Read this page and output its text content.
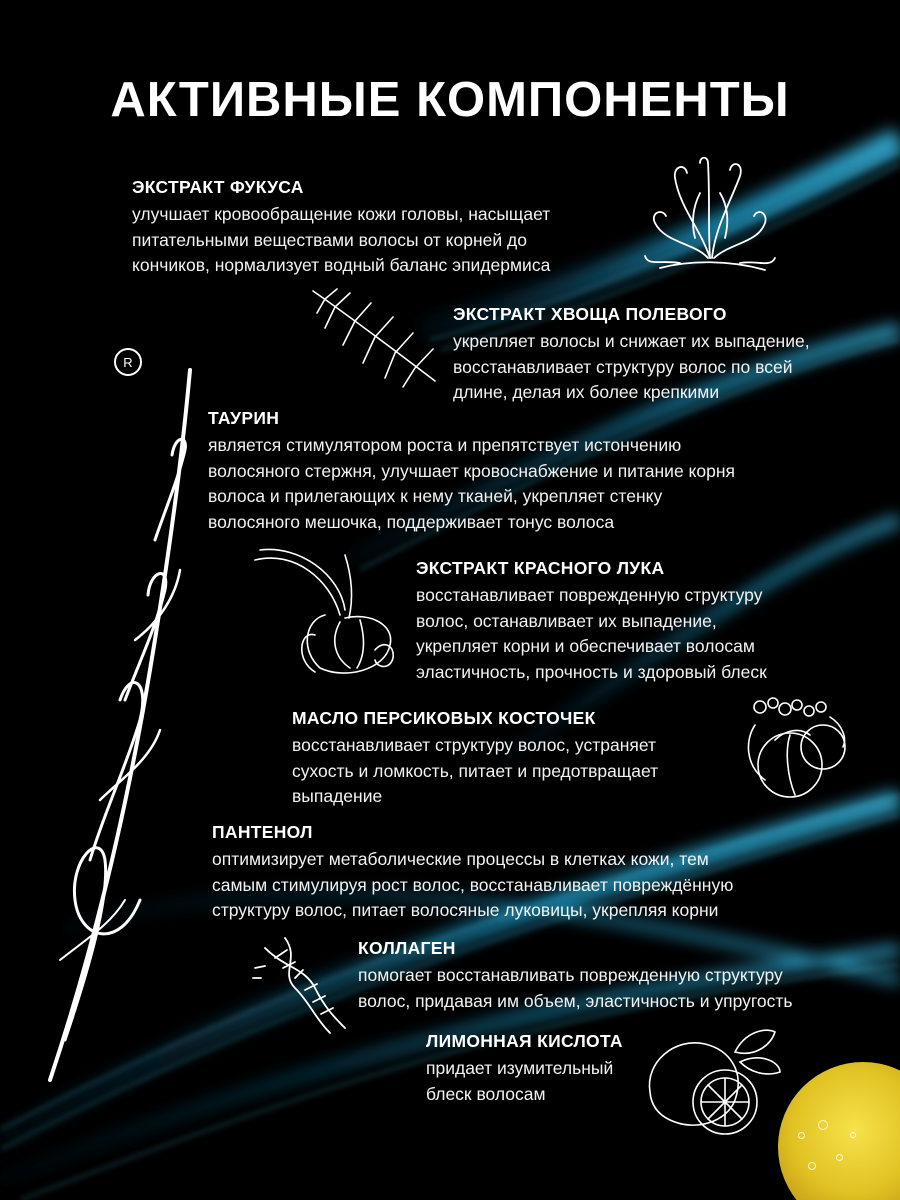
АКТИВНЫЕ КОМПОНЕНТЫ
R
ЭКСТРАКТ ФУКУСА
улучшает кровообращение кожи головы, насыщает
питательными веществами волосы от корней до
кончиков, нормализует водный баланс эпидермиса
ЭКСТРАКТ ХВОЩА ПОЛЕВОГО
укрепляет волосы и снижает их выпадение,
восстанавливает структуру волос по всей
длине, делая их более крепкими
ТАУРИН
является стимулятором роста и препятствует истончению
волосяного стержня, улучшает кровоснабжение и питание корня
волоса и прилегающих к нему тканей, укрепляет стенку
волосяного мешочка, поддерживает тонус волоса
ЭКСТРАКТ КРАСНОГО ЛУКА
восстанавливает поврежденную структуру
волос, останавливает их выпадение,
укрепляет корни и обеспечивает волосам
эластичность, прочность и здоровый блеск
МАСЛО ПЕРСИКОВЫХ КОСТОЧЕК
восстанавливает структуру волос, устраняет
сухость и ломкость, питает и предотвращает
выпадение
ПАНТЕНОЛ
оптимизирует метаболические процессы в клетках кожи, тем
самым стимулируя рост волос, восстанавливает повреждённую
структуру волос, питает волосяные луковицы, укрепляя корни
КОЛЛАГЕН
помогает восстанавливать поврежденную структуру
волос, придавая им объем, эластичность и упругость
ЛИМОННАЯ КИСЛОТА
придает изумительный
блеск волосам
